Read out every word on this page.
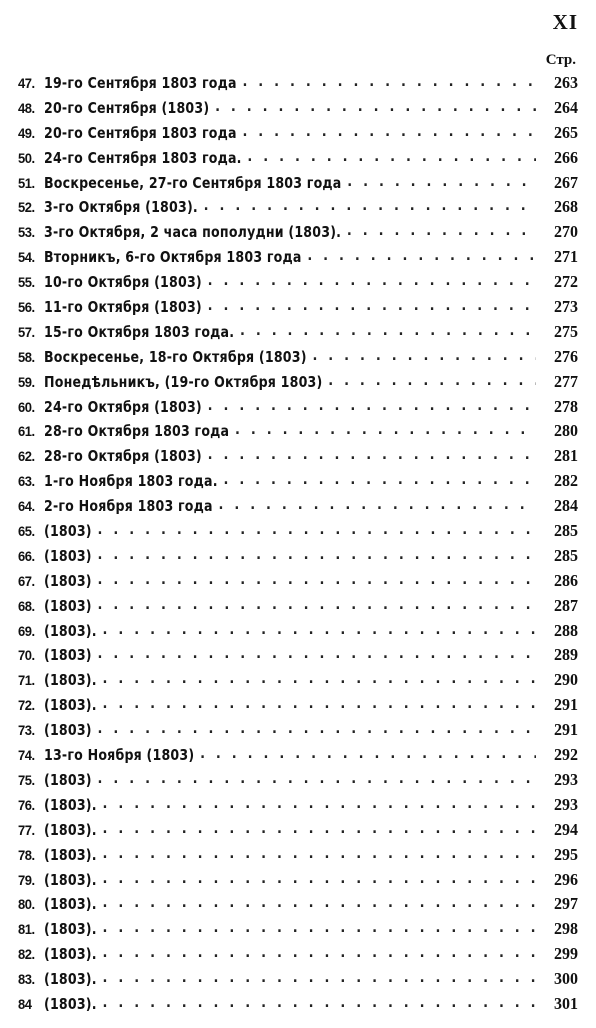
XI
Стр.
47. 19-го Сентября 1803 года . . .	263
48. 20-го Сентября (1803) . . .	264
49. 20-го Сентября 1803 года . . .	265
50. 24-го Сентября 1803 года. . . .	266
51. Воскресенье, 27-го Сентября 1803 года . . .	267
52. 3-го Октября (1803). . . .	268
53. 3-го Октября, 2 часа пополудни (1803). . . .	270
54. Вторникъ, 6-го Октября 1803 года . . .	271
55. 10-го Октября (1803) . . .	272
56. 11-го Октября (1803) . . .	273
57. 15-го Октября 1803 года. . . .	275
58. Воскресенье, 18-го Октября (1803) . . .	276
59. Понедѣльникъ, (19-го Октября 1803) . . .	277
60. 24-го Октября (1803) . . .	278
61. 28-го Октября 1803 года . . .	280
62. 28-го Октября (1803) . . .	281
63. 1-го Ноября 1803 года. . . .	282
64. 2-го Ноября 1803 года . . .	284
65. (1803) . . .	285
66. (1803) . . .	285
67. (1803) . . .	286
68. (1803) . . .	287
69. (1803). . . .	288
70. (1803) . . .	289
71. (1803). . . .	290
72. (1803). . . .	291
73. (1803) . . .	291
74. 13-го Ноября (1803) . . .	292
75. (1803) . . .	293
76. (1803). . . .	293
77. (1803). . . .	294
78. (1803). . . .	295
79. (1803). . . .	296
80. (1803). . . .	297
81. (1803). . . .	298
82. (1803). . . .	299
83. (1803). . . .	300
84 (1803). . . .	301
